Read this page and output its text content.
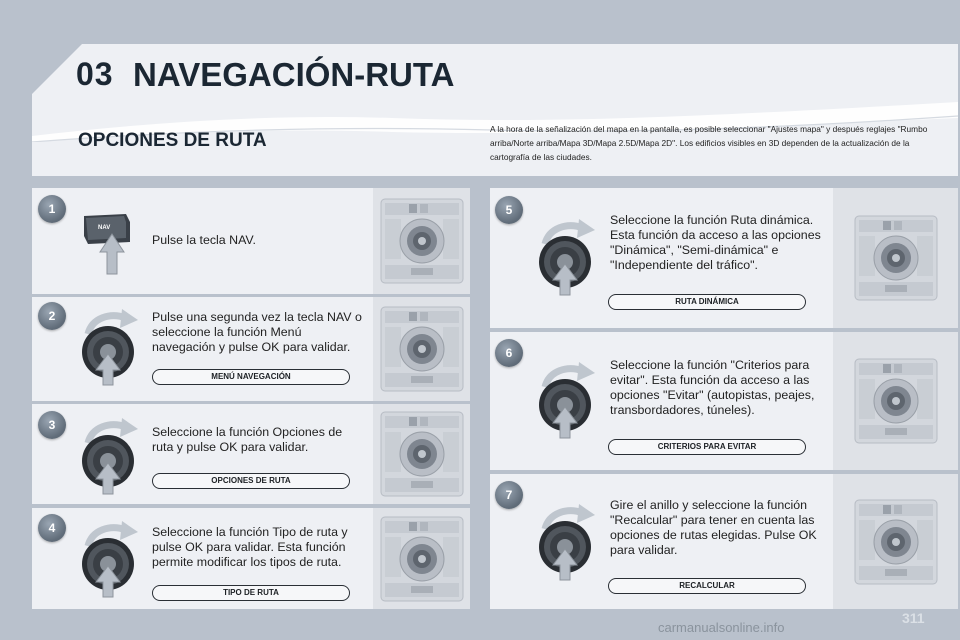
03 NAVEGACIÓN-RUTA
OPCIONES DE RUTA
A la hora de la señalización del mapa en la pantalla, es posible seleccionar "Ajustes mapa" y después reglajes "Rumbo arriba/Norte arriba/Mapa 3D/Mapa 2.5D/Mapa 2D". Los edificios visibles en 3D dependen de la actualización de la cartografía de las ciudades.
1
NAV
Pulse la tecla NAV.
2	Pulse una segunda vez la tecla NAV o seleccione la función Menú navegación y pulse OK para validar.
MENÚ NAVEGACIÓN
3	Seleccione la función Opciones de ruta y pulse OK para validar.
OPCIONES DE RUTA
4	Seleccione la función Tipo de ruta y pulse OK para validar. Esta función permite modificar los tipos de ruta.
TIPO DE RUTA
5
Seleccione la función Ruta dinámica. Esta función da acceso a las opciones "Dinámica", "Semi-dinámica" e "Independiente del tráfico".
RUTA DINÁMICA
6
Seleccione la función "Criterios para evitar". Esta función da acceso a las opciones "Evitar" (autopistas, peajes, transbordadores, túneles).
CRITERIOS PARA EVITAR
7
Gire el anillo y seleccione la función "Recalcular" para tener en cuenta las opciones de rutas elegidas. Pulse OK para validar.
RECALCULAR
311
carmanualsonline.info
